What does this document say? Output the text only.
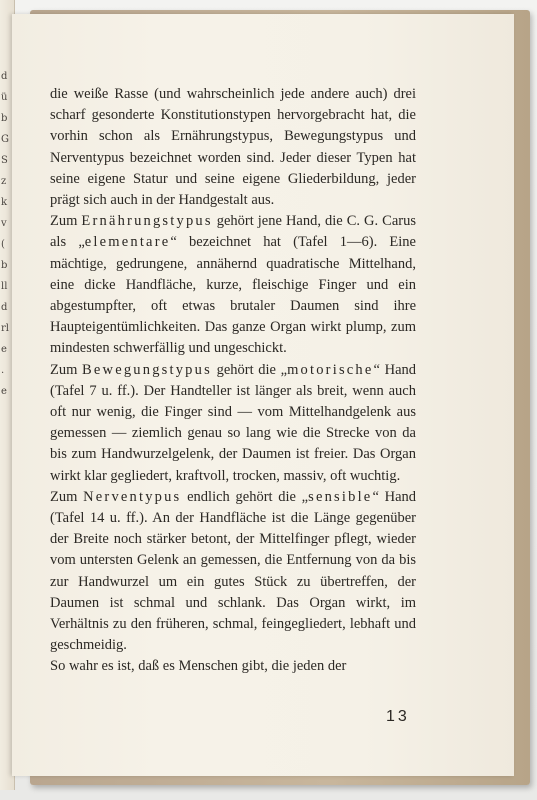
d
ü
b
G
S
z
k
v
(
b
ll
d
rl
e
.
e

die weiße Rasse (und wahrscheinlich jede andere auch) drei scharf gesonderte Konstitutionstypen hervorgebracht hat, die vorhin schon als Ernährungstypus, Bewegungstypus und Nerventypus bezeichnet worden sind. Jeder dieser Typen hat seine eigene Statur und seine eigene Gliederbildung, jeder prägt sich auch in der Handgestalt aus.

Zum Ernährungstypus gehört jene Hand, die C. G. Carus als „elementare“ bezeichnet hat (Tafel 1—6). Eine mächtige, gedrungene, annähernd quadratische Mittelhand, eine dicke Handfläche, kurze, fleischige Finger und ein abgestumpfter, oft etwas brutaler Daumen sind ihre Haupteigentümlichkeiten. Das ganze Organ wirkt plump, zum mindesten schwerfällig und ungeschickt.

Zum Bewegungstypus gehört die „motorische“ Hand (Tafel 7 u. ff.). Der Handteller ist länger als breit, wenn auch oft nur wenig, die Finger sind — vom Mittelhandgelenk aus gemessen — ziemlich genau so lang wie die Strecke von da bis zum Handwurzelgelenk, der Daumen ist freier. Das Organ wirkt klar gegliedert, kraftvoll, trocken, massiv, oft wuchtig.

Zum Nerventypus endlich gehört die „sensible“ Hand (Tafel 14 u. ff.). An der Handfläche ist die Länge gegenüber der Breite noch stärker betont, der Mittelfinger pflegt, wieder vom untersten Gelenk an gemessen, die Entfernung von da bis zur Handwurzel um ein gutes Stück zu übertreffen, der Daumen ist schmal und schlank. Das Organ wirkt, im Verhältnis zu den früheren, schmal, feingegliedert, lebhaft und geschmeidig.

So wahr es ist, daß es Menschen gibt, die jeden der

13
